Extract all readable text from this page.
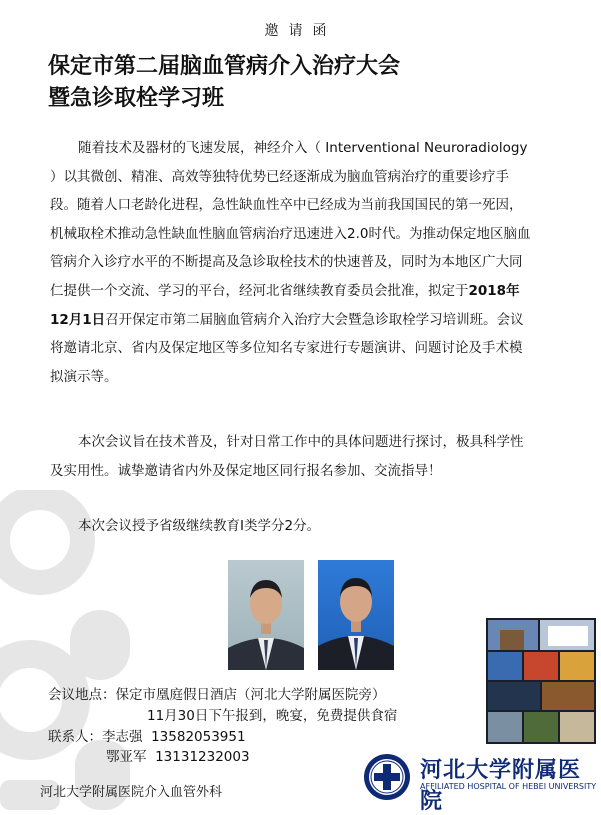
邀请函
保定市第二届脑血管病介入治疗大会
暨急诊取栓学习班

随着技术及器材的飞速发展，神经介入（ Interventional Neuroradiology ）以其微创、精准、高效等独特优势已经逐渐成为脑血管病治疗的重要诊疗手段。随着人口老龄化进程，急性缺血性卒中已经成为当前我国国民的第一死因，机械取栓术推动急性缺血性脑血管病治疗迅速进入2.0时代。为推动保定地区脑血管病介入诊疗水平的不断提高及急诊取栓技术的快速普及，同时为本地区广大同仁提供一个交流、学习的平台，经河北省继续教育委员会批准，拟定于2018年12月1日召开保定市第二届脑血管病介入治疗大会暨急诊取栓学习培训班。会议将邀请北京、省内及保定地区等多位知名专家进行专题演讲、问题讨论及手术模拟演示等。

本次会议旨在技术普及，针对日常工作中的具体问题进行探讨，极具科学性及实用性。诚挚邀请省内外及保定地区同行报名参加、交流指导！

本次会议授予省级继续教育Ⅰ类学分2分。

会议地点：保定市凰庭假日酒店（河北大学附属医院旁）
11月30日下午报到，晚宴，免费提供食宿
联系人：李志强 13582053951
鄂亚军 13131232003	河北大学附属医院
AFFILIATED HOSPITAL OF HEBEI UNIVERSITY
河北大学附属医院介入血管外科
